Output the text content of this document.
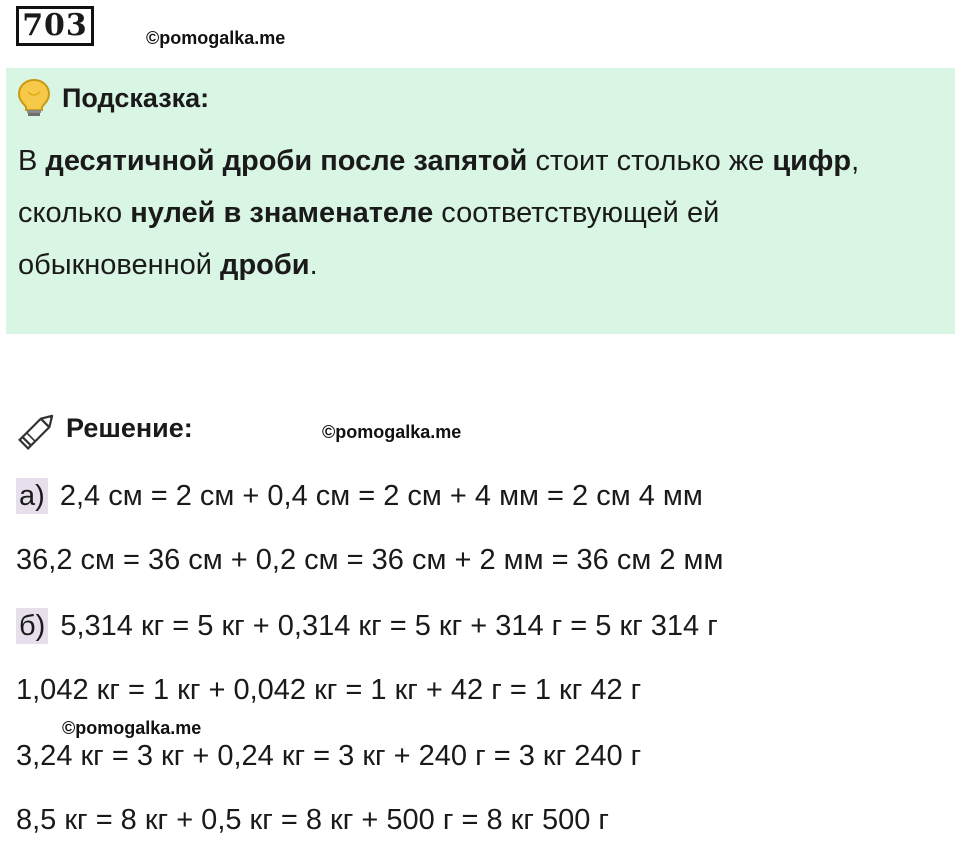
703	©pomogalka.me
Подсказка:
В десятичной дроби после запятой стоит столько же цифр,
сколько нулей в знаменателе соответствующей ей
обыкновенной дроби.
Решение:	©pomogalka.me
а) 2,4 см = 2 см + 0,4 см = 2 см + 4 мм = 2 см 4 мм
36,2 см = 36 см + 0,2 см = 36 см + 2 мм = 36 см 2 мм
б) 5,314 кг = 5 кг + 0,314 кг = 5 кг + 314 г = 5 кг 314 г
1,042 кг = 1 кг + 0,042 кг = 1 кг + 42 г = 1 кг 42 г
©pomogalka.me
3,24 кг = 3 кг + 0,24 кг = 3 кг + 240 г = 3 кг 240 г
8,5 кг = 8 кг + 0,5 кг = 8 кг + 500 г = 8 кг 500 г
